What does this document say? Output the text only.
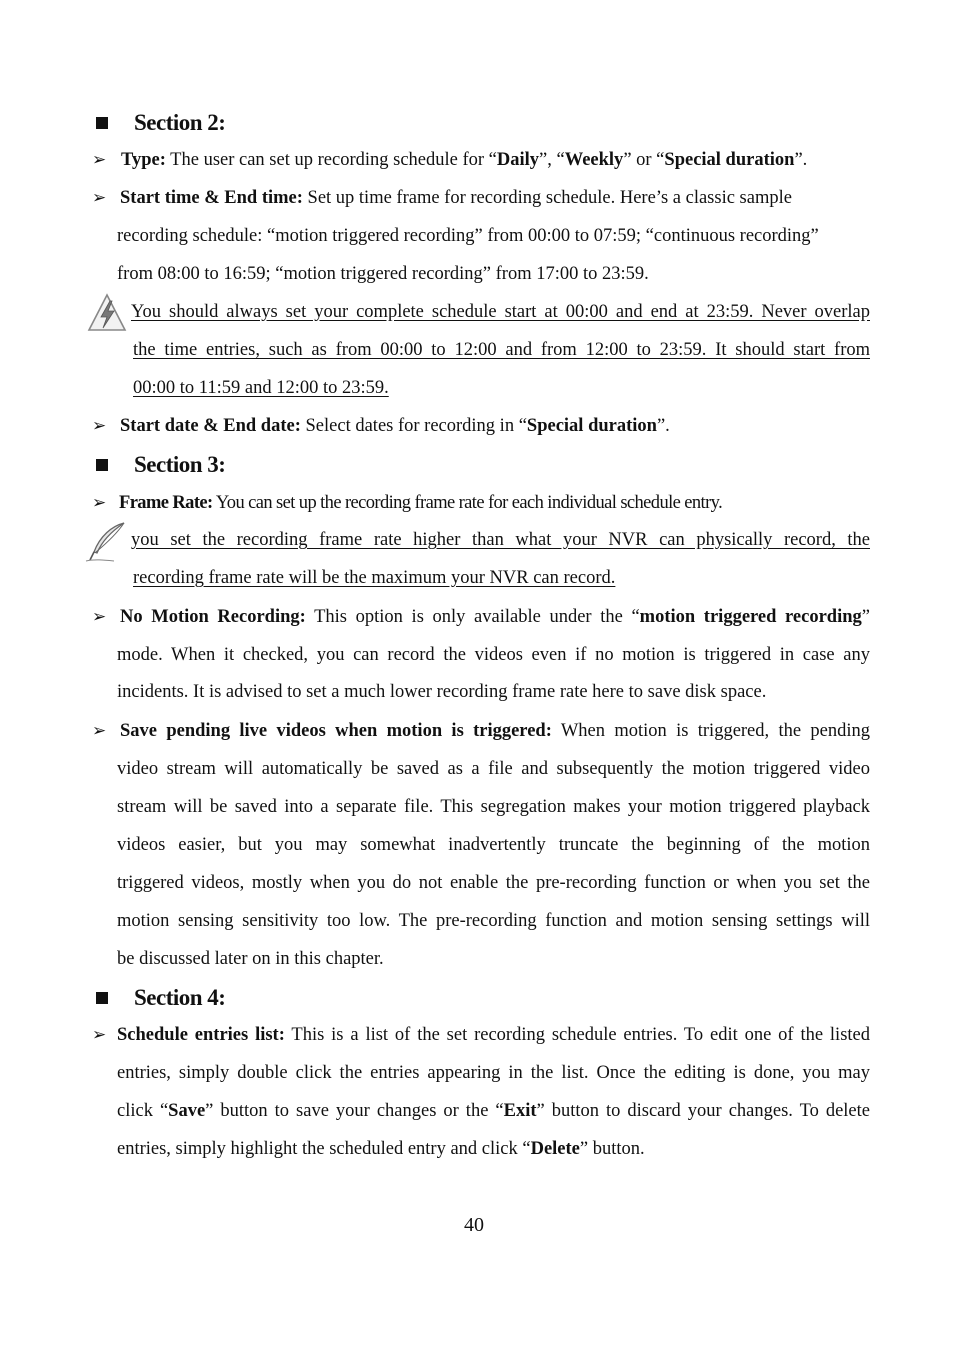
Section 2:
➢ Type: The user can set up recording schedule for “Daily”, “Weekly” or “Special duration”.
➢ Start time & End time: Set up time frame for recording schedule. Here’s a classic sample
recording schedule: “motion triggered recording” from 00:00 to 07:59; “continuous recording”
from 08:00 to 16:59; “motion triggered recording” from 17:00 to 23:59.
You should always set your complete schedule start at 00:00 and end at 23:59. Never overlap
the time entries, such as from 00:00 to 12:00 and from 12:00 to 23:59. It should start from
00:00 to 11:59 and 12:00 to 23:59.
➢ Start date & End date: Select dates for recording in “Special duration”.
Section 3:
➢ Frame Rate: You can set up the recording frame rate for each individual schedule entry.
you set the recording frame rate higher than what your NVR can physically record, the
recording frame rate will be the maximum your NVR can record.
➢ No Motion Recording: This option is only available under the “motion triggered recording”
mode. When it checked, you can record the videos even if no motion is triggered in case any
incidents. It is advised to set a much lower recording frame rate here to save disk space.
➢ Save pending live videos when motion is triggered: When motion is triggered, the pending
video stream will automatically be saved as a file and subsequently the motion triggered video
stream will be saved into a separate file. This segregation makes your motion triggered playback
videos easier, but you may somewhat inadvertently truncate the beginning of the motion
triggered videos, mostly when you do not enable the pre-recording function or when you set the
motion sensing sensitivity too low. The pre-recording function and motion sensing settings will
be discussed later on in this chapter.
Section 4:
➢ Schedule entries list: This is a list of the set recording schedule entries. To edit one of the listed
entries, simply double click the entries appearing in the list. Once the editing is done, you may
click “Save” button to save your changes or the “Exit” button to discard your changes. To delete
entries, simply highlight the scheduled entry and click “Delete” button.
40
